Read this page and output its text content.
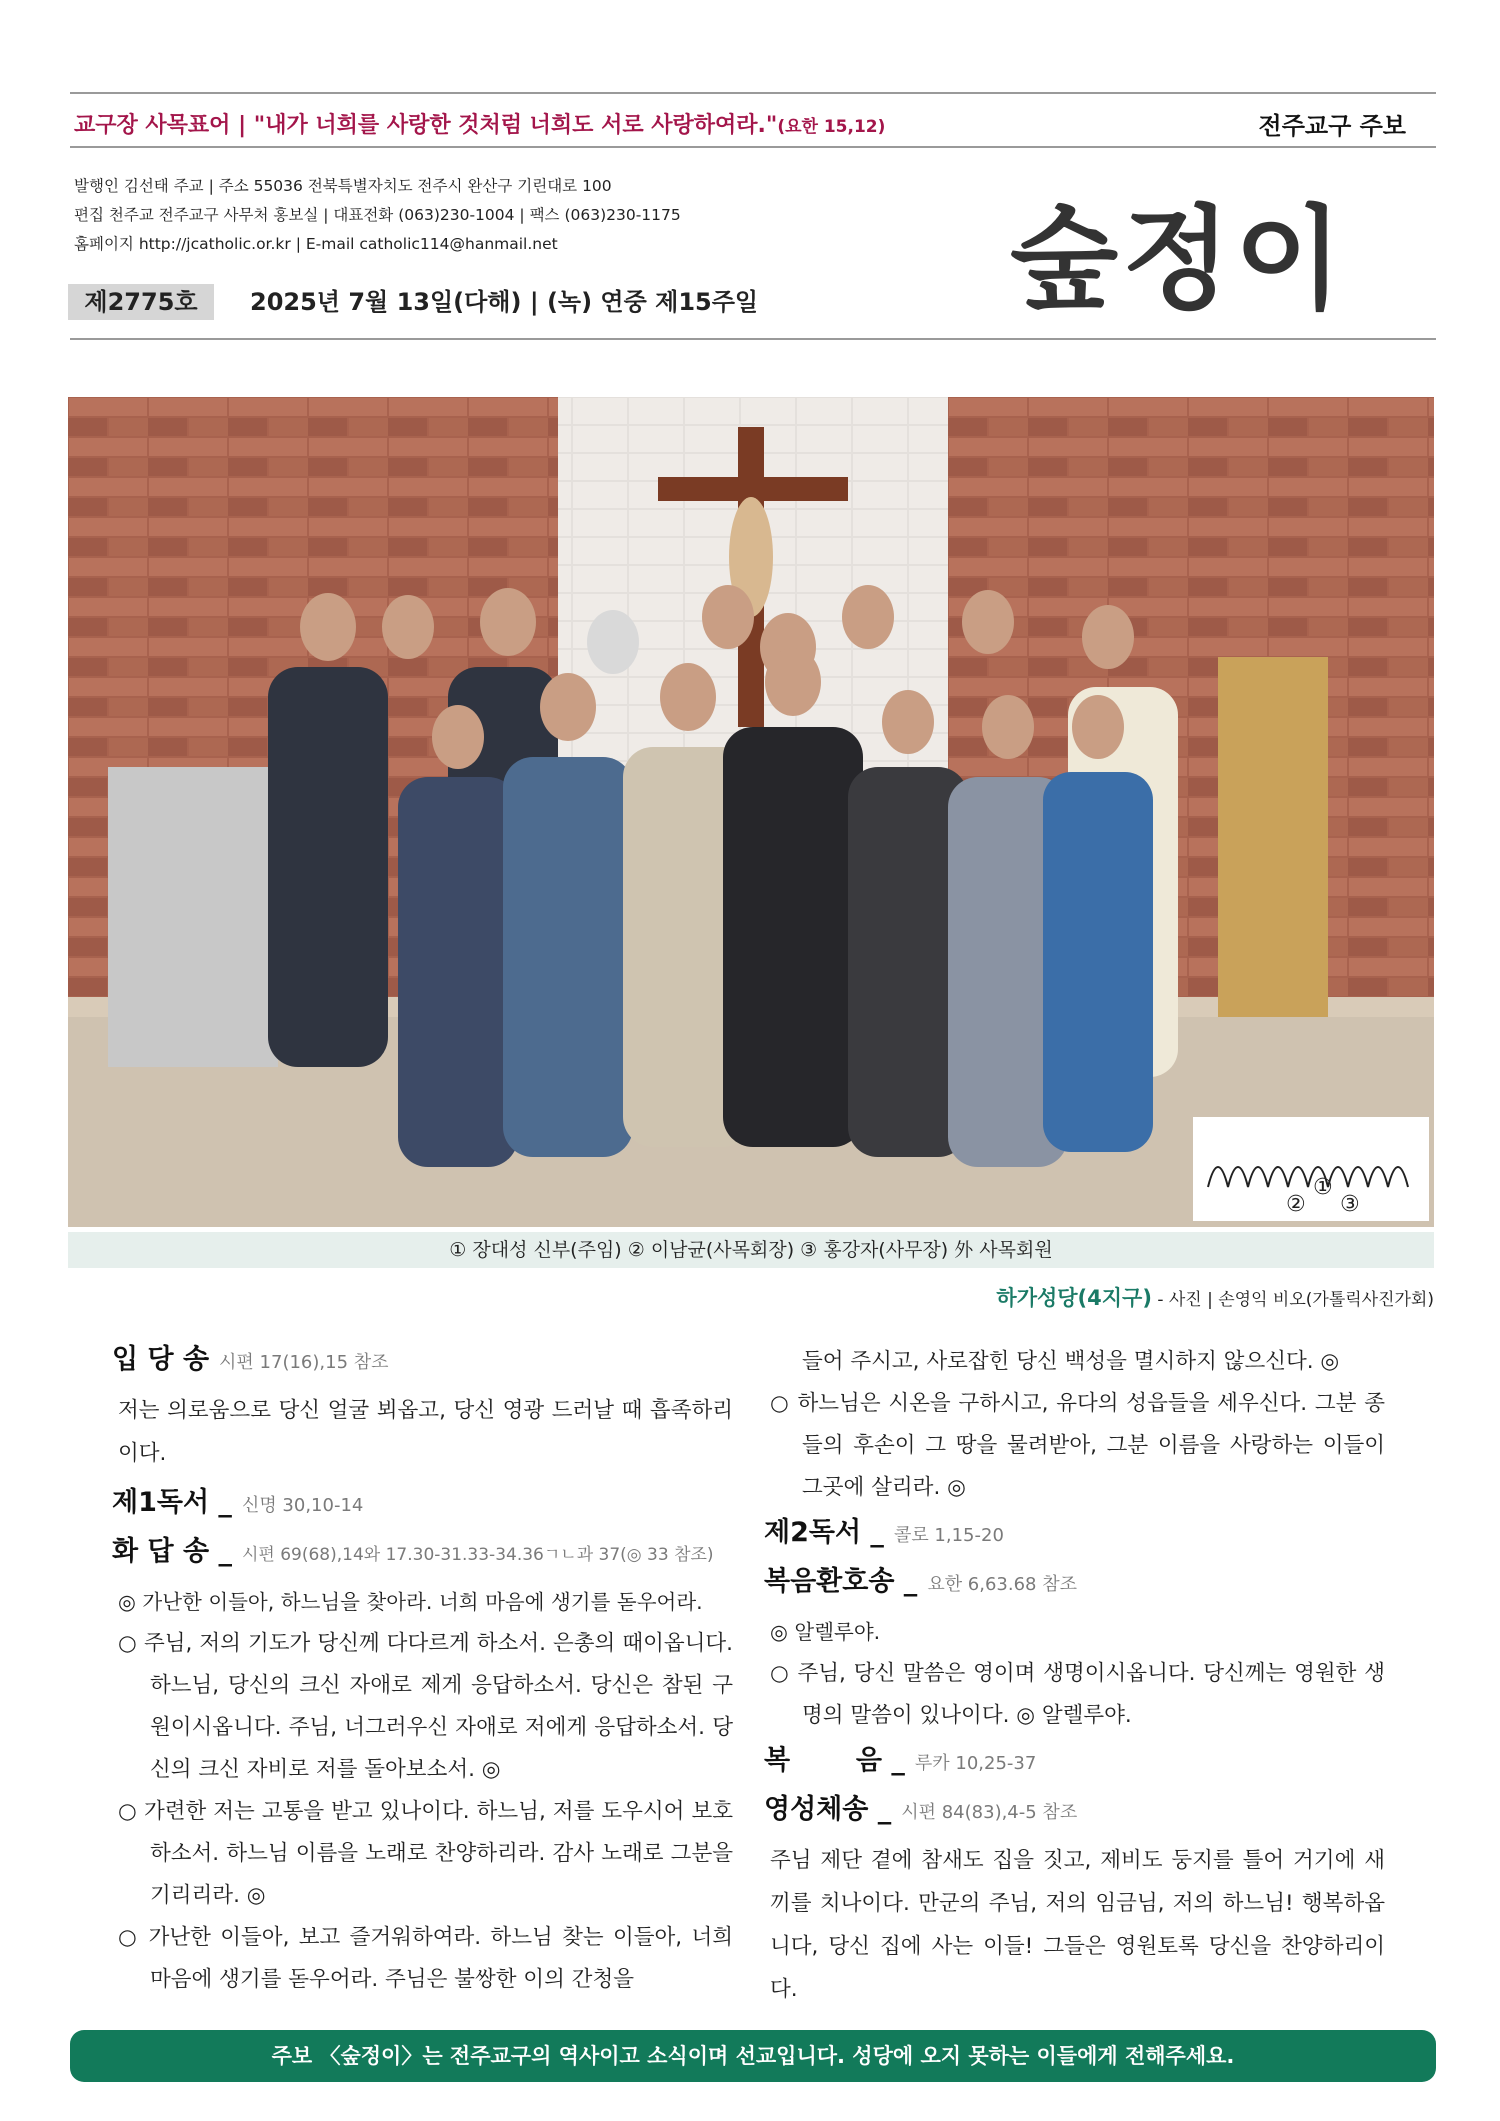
교구장 사목표어 | "내가 너희를 사랑한 것처럼 너희도 서로 사랑하여라."(요한 15,12)	전주교구 주보
발행인 김선태 주교 | 주소 55036 전북특별자치도 전주시 완산구 기린대로 100
편집 천주교 전주교구 사무처 홍보실 | 대표전화 (063)230-1004 | 팩스 (063)230-1175
홈페이지 http://jcatholic.or.kr | E-mail catholic114@hanmail.net
제2775호	2025년 7월 13일(다해) | (녹) 연중 제15주일 숲정이
②
①
③
① 장대성 신부(주임) ② 이남균(사목회장) ③ 홍강자(사무장) 外 사목회원
하가성당(4지구) - 사진 | 손영익 비오(가톨릭사진가회)
입 당 송 시편 17(16),15 참조

저는 의로움으로 당신 얼굴 뵈옵고, 당신 영광 드러날 때 흡족하리이다.

제1독서 _ 신명 30,10-14
화 답 송 _ 시편 69(68),14와 17.30-31.33-34.36ㄱㄴ과 37(◎ 33 참조)

◎ 가난한 이들아, 하느님을 찾아라. 너희 마음에 생기를 돋우어라.

○ 주님, 저의 기도가 당신께 다다르게 하소서. 은총의 때이옵니다. 하느님, 당신의 크신 자애로 제게 응답하소서. 당신은 참된 구원이시옵니다. 주님, 너그러우신 자애로 저에게 응답하소서. 당신의 크신 자비로 저를 돌아보소서. ◎

○ 가련한 저는 고통을 받고 있나이다. 하느님, 저를 도우시어 보호하소서. 하느님 이름을 노래로 찬양하리라. 감사 노래로 그분을 기리리라. ◎

○ 가난한 이들아, 보고 즐거워하여라. 하느님 찾는 이들아, 너희 마음에 생기를 돋우어라. 주님은 불쌍한 이의 간청을

들어 주시고, 사로잡힌 당신 백성을 멸시하지 않으신다. ◎

○ 하느님은 시온을 구하시고, 유다의 성읍들을 세우신다. 그분 종들의 후손이 그 땅을 물려받아, 그분 이름을 사랑하는 이들이 그곳에 살리라. ◎

제2독서 _ 콜로 1,15-20
복음환호송 _ 요한 6,63.68 참조

◎ 알렐루야.

○ 주님, 당신 말씀은 영이며 생명이시옵니다. 당신께는 영원한 생명의 말씀이 있나이다. ◎ 알렐루야.

복       음 _ 루카 10,25-37
영성체송 _ 시편 84(83),4-5 참조

주님 제단 곁에 참새도 집을 짓고, 제비도 둥지를 틀어 거기에 새끼를 치나이다. 만군의 주님, 저의 임금님, 저의 하느님! 행복하옵니다, 당신 집에 사는 이들! 그들은 영원토록 당신을 찬양하리이다.

주보 〈숲정이〉는 전주교구의 역사이고 소식이며 선교입니다. 성당에 오지 못하는 이들에게 전해주세요.
